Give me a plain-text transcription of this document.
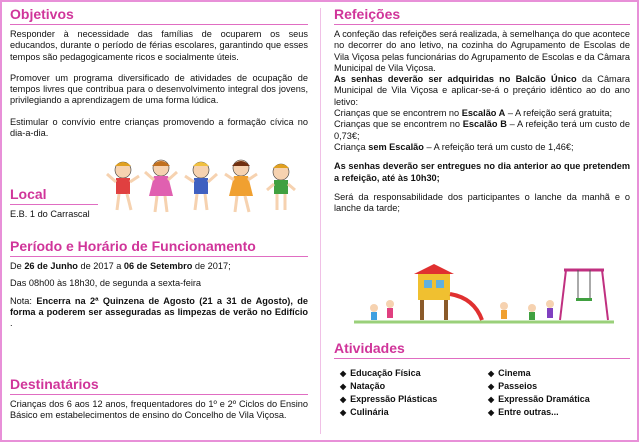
Objetivos

Responder à necessidade das famílias de ocuparem os seus educandos, durante o período de férias escolares, garantindo que esses tempos são pedagogicamente ricos e socialmente úteis.

Promover um programa diversificado de atividades de ocupação de tempos livres que contribua para o desenvolvimento integral dos jovens, privilegiando a aprendizagem de uma forma lúdica.

Estimular o convívio entre crianças promovendo a formação cívica no dia-a-dia.

Local

E.B. 1 do Carrascal

Período e Horário de Funcionamento

De 26 de Junho de 2017 a 06 de Setembro de 2017;

Das 08h00 às 18h30, de segunda a sexta-feira

Nota: Encerra na 2ª Quinzena de Agosto (21 a 31 de Agosto), de forma a poderem ser asseguradas as limpezas de verão no Edifício .

Destinatários

Crianças dos 6 aos 12 anos, frequentadores do 1º e 2º Ciclos do Ensino Básico em estabelecimentos de ensino do Concelho de Vila Viçosa.

Refeições

A confeção das refeições será realizada, à semelhança do que acontece no decorrer do ano letivo, na cozinha do Agrupamento de Escolas de Vila Viçosa pelas funcionárias do Agrupamento de Escolas e da Câmara Municipal de Vila Viçosa.

As senhas deverão ser adquiridas no Balcão Único da Câmara Municipal de Vila Viçosa e aplicar-se-á o preçário idêntico ao do ano letivo:

Crianças que se encontrem no Escalão A – A refeição será gratuita;

Crianças que se encontrem no Escalão B – A refeição terá um custo de 0,73€;

Criança sem Escalão – A refeição terá um custo de 1,46€;

As senhas deverão ser entregues no dia anterior ao que pretendem a refeição, até às 10h30;

Será da responsabilidade dos participantes o lanche da manhã e o lanche da tarde;

Atividades
◆ Educação Física
◆ Natação
◆ Expressão Plásticas
◆ Culinária
◆ Cinema
◆ Passeios
◆ Expressão Dramática
◆ Entre outras...
